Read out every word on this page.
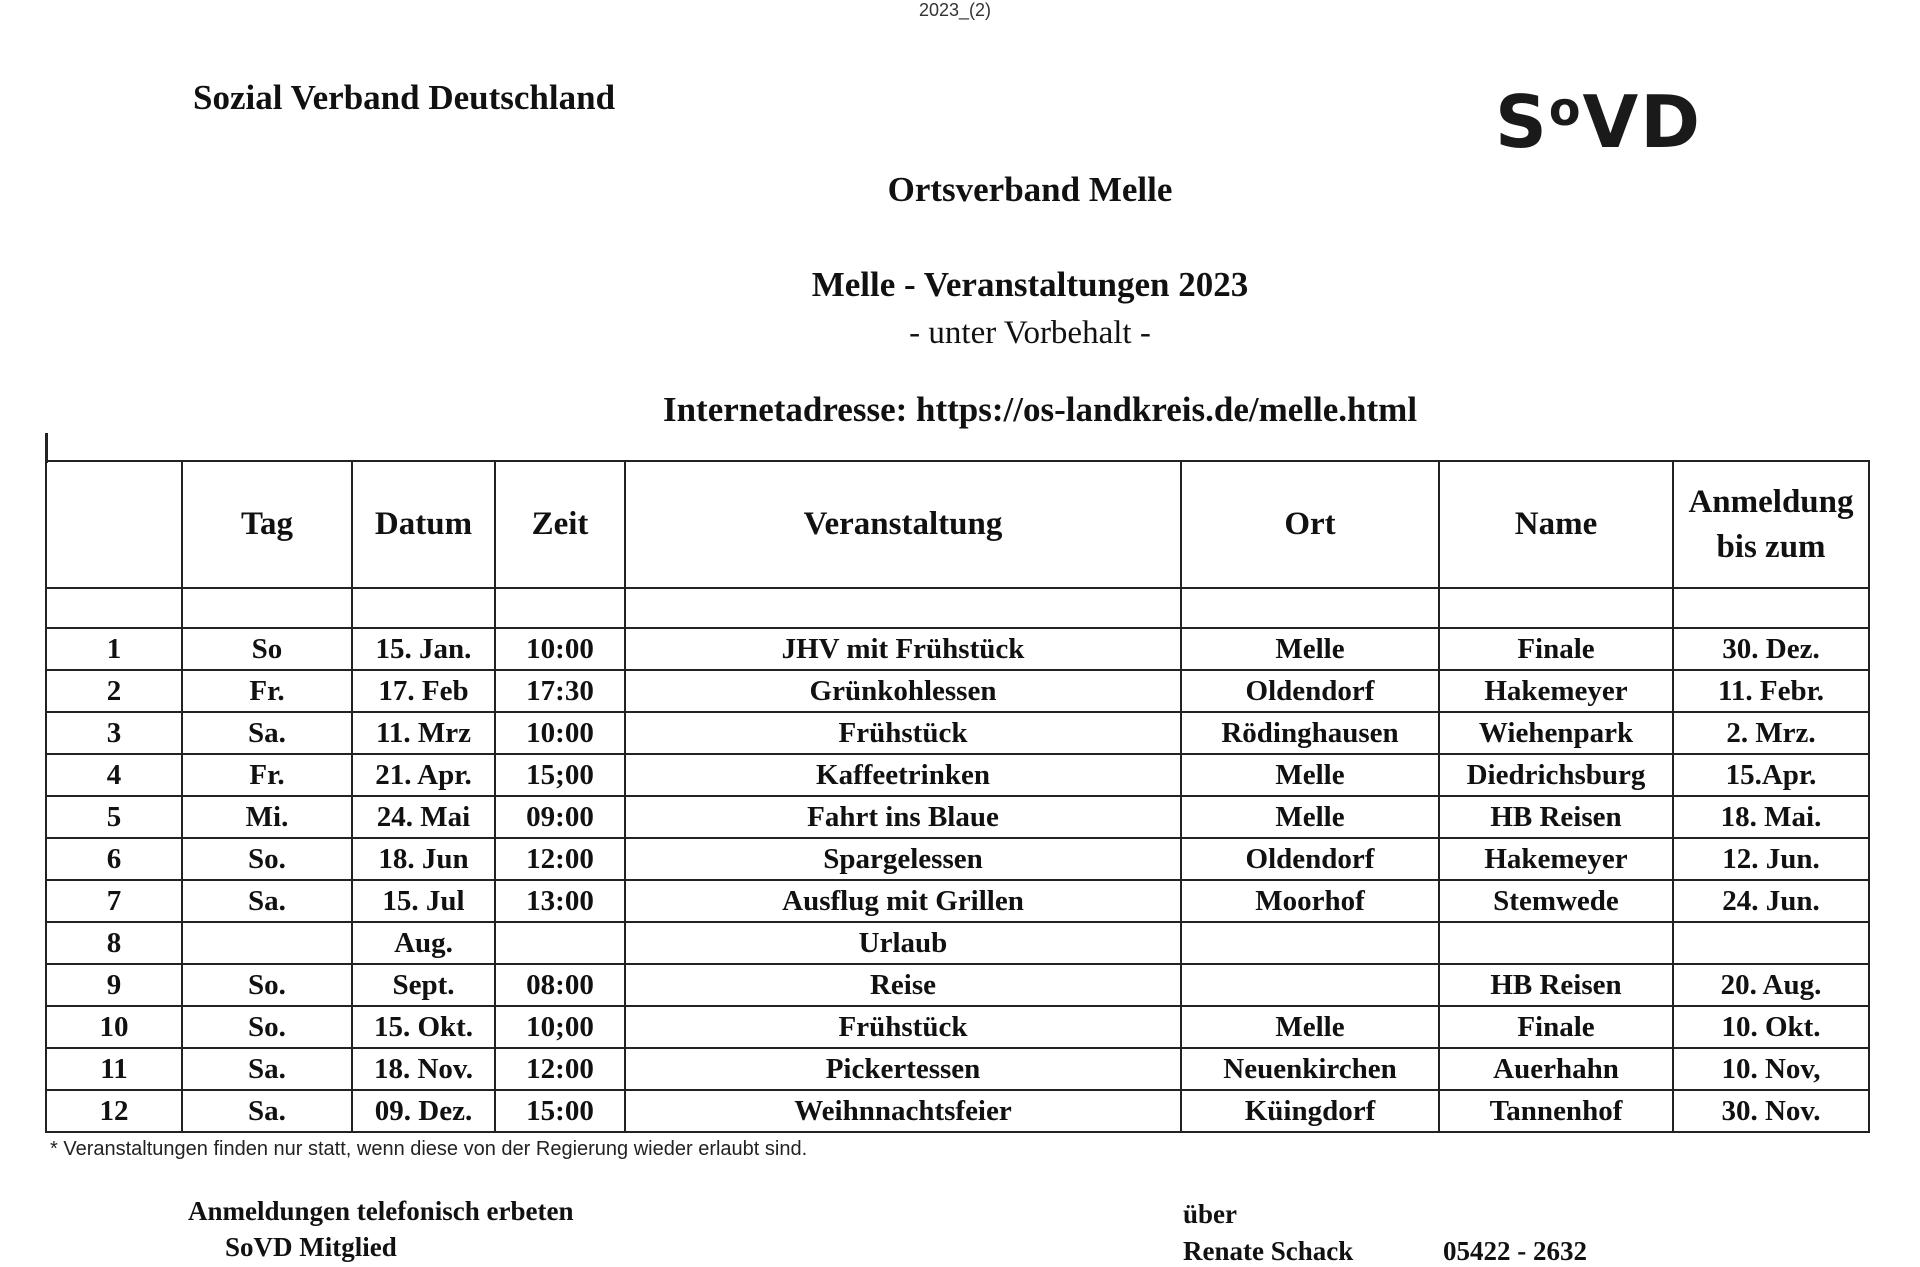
2023_(2)
Sozial Verband Deutschland	$S^oVD$
Ortsverband Melle
Melle - Veranstaltungen 2023
- unter Vorbehalt -
Internetadresse: https://os-landkreis.de/melle.html
	Tag	Datum	Zeit	Veranstaltung	Ort	Name	Anmeldung bis zum

1	So	15. Jan.	10:00	JHV mit Frühstück	Melle	Finale	30. Dez.
2	Fr.	17. Feb	17:30	Grünkohlessen	Oldendorf	Hakemeyer	11. Febr.
3	Sa.	11. Mrz	10:00	Frühstück	Rödinghausen	Wiehenpark	2. Mrz.
4	Fr.	21. Apr.	15;00	Kaffeetrinken	Melle	Diedrichsburg	15.Apr.
5	Mi.	24. Mai	09:00	Fahrt ins Blaue	Melle	HB Reisen	18. Mai.
6	So.	18. Jun	12:00	Spargelessen	Oldendorf	Hakemeyer	12. Jun.
7	Sa.	15. Jul	13:00	Ausflug mit Grillen	Moorhof	Stemwede	24. Jun.
8		Aug.		Urlaub			
9	So.	Sept.	08:00	Reise		HB Reisen	20. Aug.
10	So.	15. Okt.	10;00	Frühstück	Melle	Finale	10. Okt.
11	Sa.	18. Nov.	12:00	Pickertessen	Neuenkirchen	Auerhahn	10. Nov,
12	Sa.	09. Dez.	15:00	Weihnnachtsfeier	Küingdorf	Tannenhof	30. Nov.
* Veranstaltungen finden nur statt, wenn diese von der Regierung wieder erlaubt sind.
Anmeldungen telefonisch erbeten
SoVD Mitglied
über
Renate Schack	05422 - 2632
